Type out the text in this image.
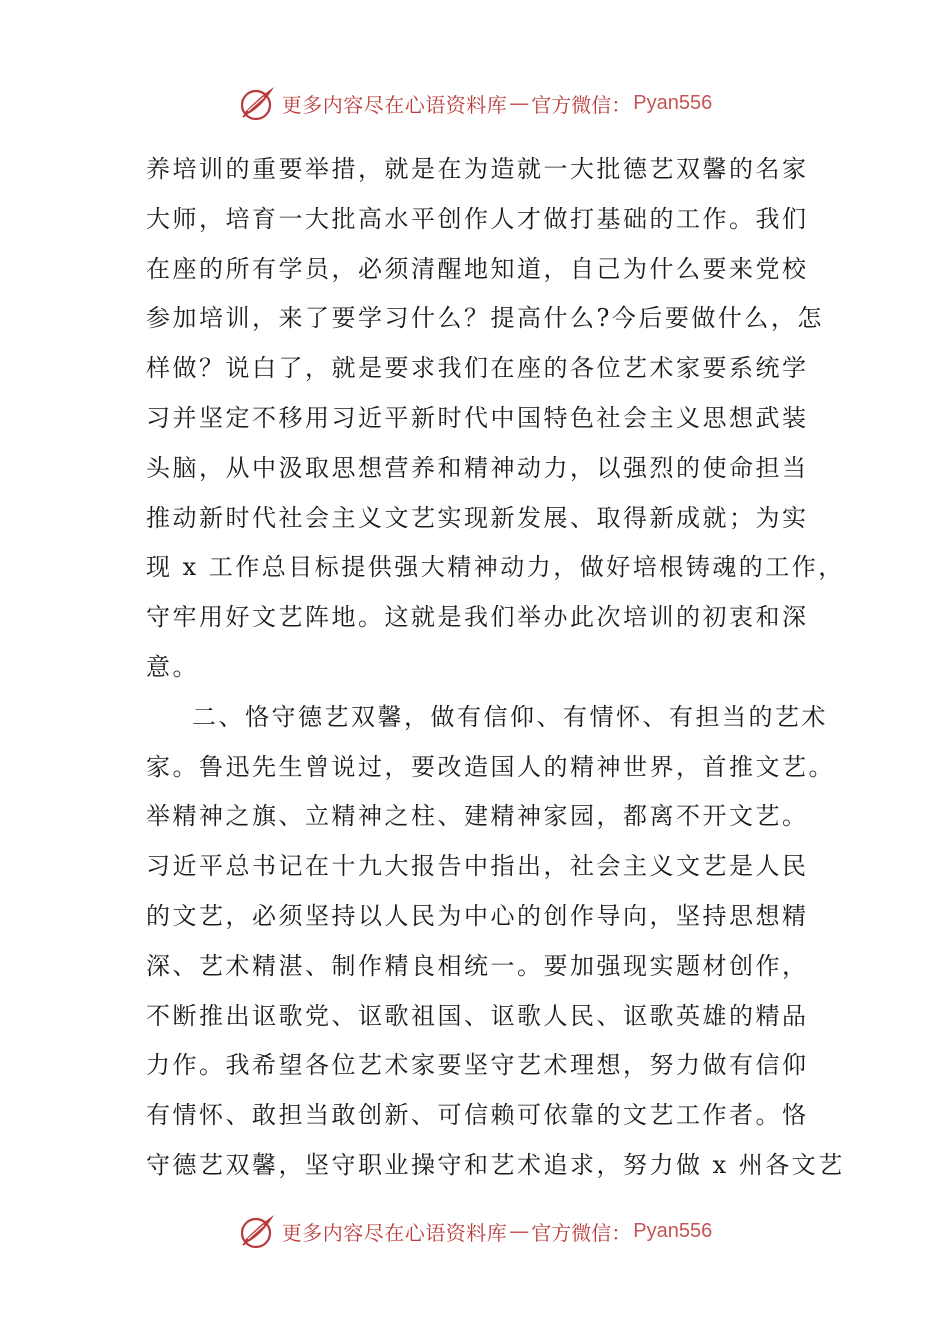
更多内容尽在心语资料库 — 官方微信： Pyan556
养培训的重要举措，就是在为造就一大批德艺双馨的名家
大师，培育一大批高水平创作人才做打基础的工作。我们
在座的所有学员，必须清醒地知道，自己为什么要来党校
参加培训，来了要学习什么？提高什么?今后要做什么，怎
样做？说白了，就是要求我们在座的各位艺术家要系统学
习并坚定不移用习近平新时代中国特色社会主义思想武装
头脑，从中汲取思想营养和精神动力，以强烈的使命担当
推动新时代社会主义文艺实现新发展、取得新成就；为实
现 x 工作总目标提供强大精神动力，做好培根铸魂的工作，
守牢用好文艺阵地。这就是我们举办此次培训的初衷和深
意。
二、恪守德艺双馨，做有信仰、有情怀、有担当的艺术
家。鲁迅先生曾说过，要改造国人的精神世界，首推文艺。
举精神之旗、立精神之柱、建精神家园，都离不开文艺。
习近平总书记在十九大报告中指出，社会主义文艺是人民
的文艺，必须坚持以人民为中心的创作导向，坚持思想精
深、艺术精湛、制作精良相统一。要加强现实题材创作，
不断推出讴歌党、讴歌祖国、讴歌人民、讴歌英雄的精品
力作。我希望各位艺术家要坚守艺术理想，努力做有信仰
有情怀、敢担当敢创新、可信赖可依靠的文艺工作者。恪
守德艺双馨，坚守职业操守和艺术追求，努力做 x 州各文艺
更多内容尽在心语资料库 — 官方微信： Pyan556
